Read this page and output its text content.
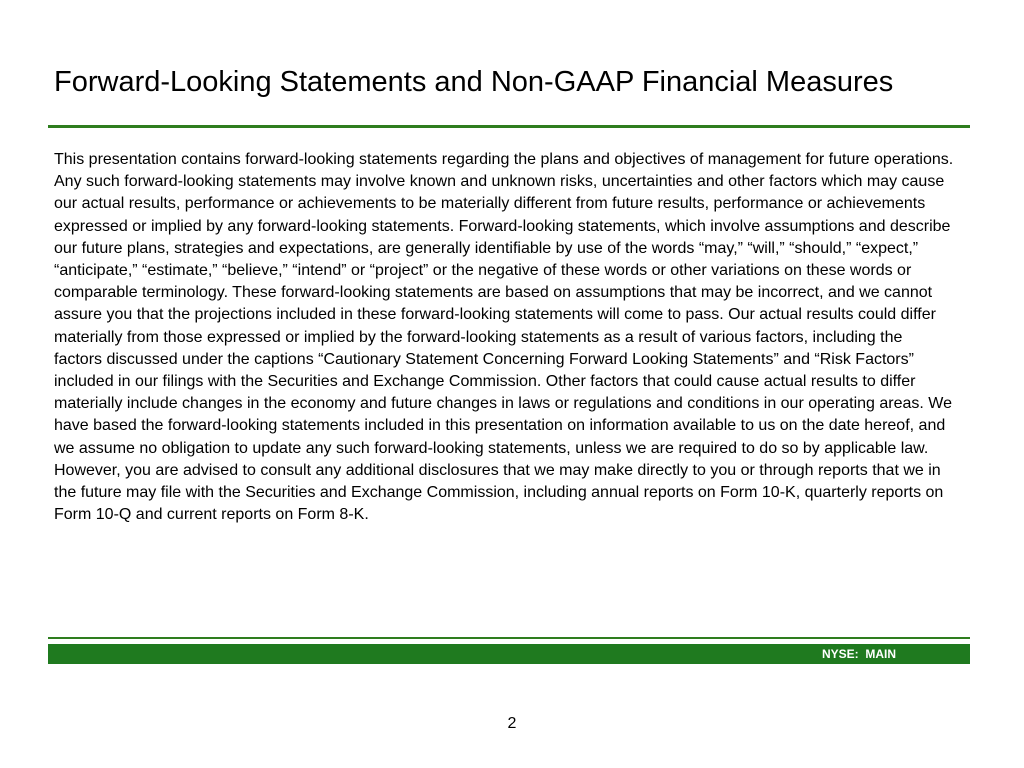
Forward-Looking Statements and Non-GAAP Financial Measures

This presentation contains forward-looking statements regarding the plans and objectives of management for future operations. Any such forward-looking statements may involve known and unknown risks, uncertainties and other factors which may cause our actual results, performance or achievements to be materially different from future results, performance or achievements expressed or implied by any forward-looking statements. Forward-looking statements, which involve assumptions and describe our future plans, strategies and expectations, are generally identifiable by use of the words “may,” “will,” “should,” “expect,” “anticipate,” “estimate,” “believe,” “intend” or “project” or the negative of these words or other variations on these words or comparable terminology. These forward-looking statements are based on assumptions that may be incorrect, and we cannot assure you that the projections included in these forward-looking statements will come to pass. Our actual results could differ materially from those expressed or implied by the forward-looking statements as a result of various factors, including the factors discussed under the captions “Cautionary Statement Concerning Forward Looking Statements” and “Risk Factors” included in our filings with the Securities and Exchange Commission. Other factors that could cause actual results to differ materially include changes in the economy and future changes in laws or regulations and conditions in our operating areas. We have based the forward-looking statements included in this presentation on information available to us on the date hereof, and we assume no obligation to update any such forward-looking statements, unless we are required to do so by applicable law. However, you are advised to consult any additional disclosures that we may make directly to you or through reports that we in the future may file with the Securities and Exchange Commission, including annual reports on Form 10-K, quarterly reports on Form 10-Q and current reports on Form 8-K.

NYSE:  MAIN
2
